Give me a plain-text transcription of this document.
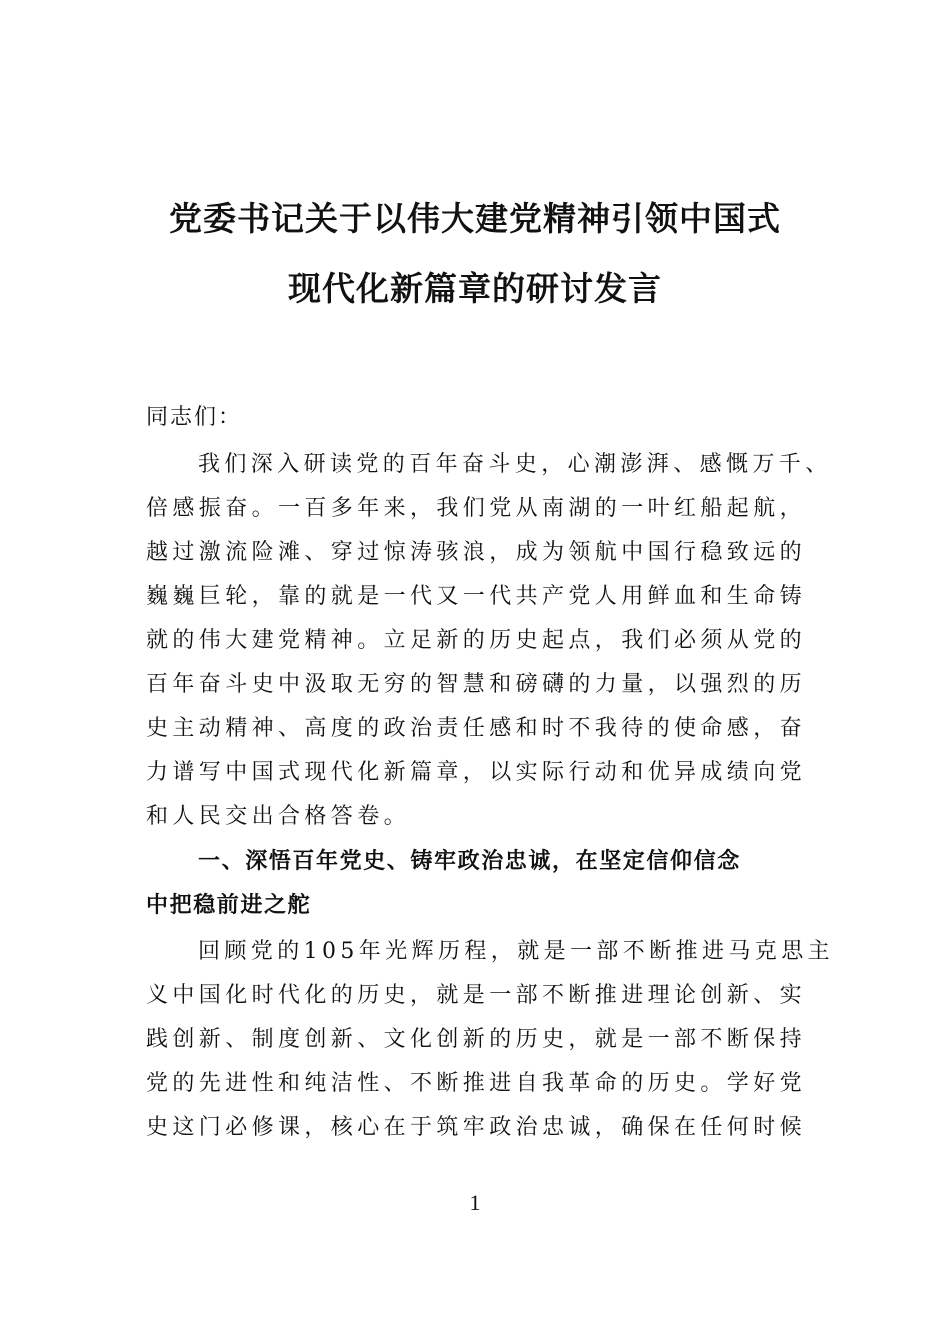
党委书记关于以伟大建党精神引领中国式
现代化新篇章的研讨发言
同志们：
我们深入研读党的百年奋斗史，心潮澎湃、感慨万千、
倍感振奋。一百多年来，我们党从南湖的一叶红船起航，
越过激流险滩、穿过惊涛骇浪，成为领航中国行稳致远的
巍巍巨轮，靠的就是一代又一代共产党人用鲜血和生命铸
就的伟大建党精神。立足新的历史起点，我们必须从党的
百年奋斗史中汲取无穷的智慧和磅礴的力量，以强烈的历
史主动精神、高度的政治责任感和时不我待的使命感，奋
力谱写中国式现代化新篇章，以实际行动和优异成绩向党
和人民交出合格答卷。
一、深悟百年党史、铸牢政治忠诚，在坚定信仰信念
中把稳前进之舵
回顾党的105年光辉历程，就是一部不断推进马克思主
义中国化时代化的历史，就是一部不断推进理论创新、实
践创新、制度创新、文化创新的历史，就是一部不断保持
党的先进性和纯洁性、不断推进自我革命的历史。学好党
史这门必修课，核心在于筑牢政治忠诚，确保在任何时候
1
